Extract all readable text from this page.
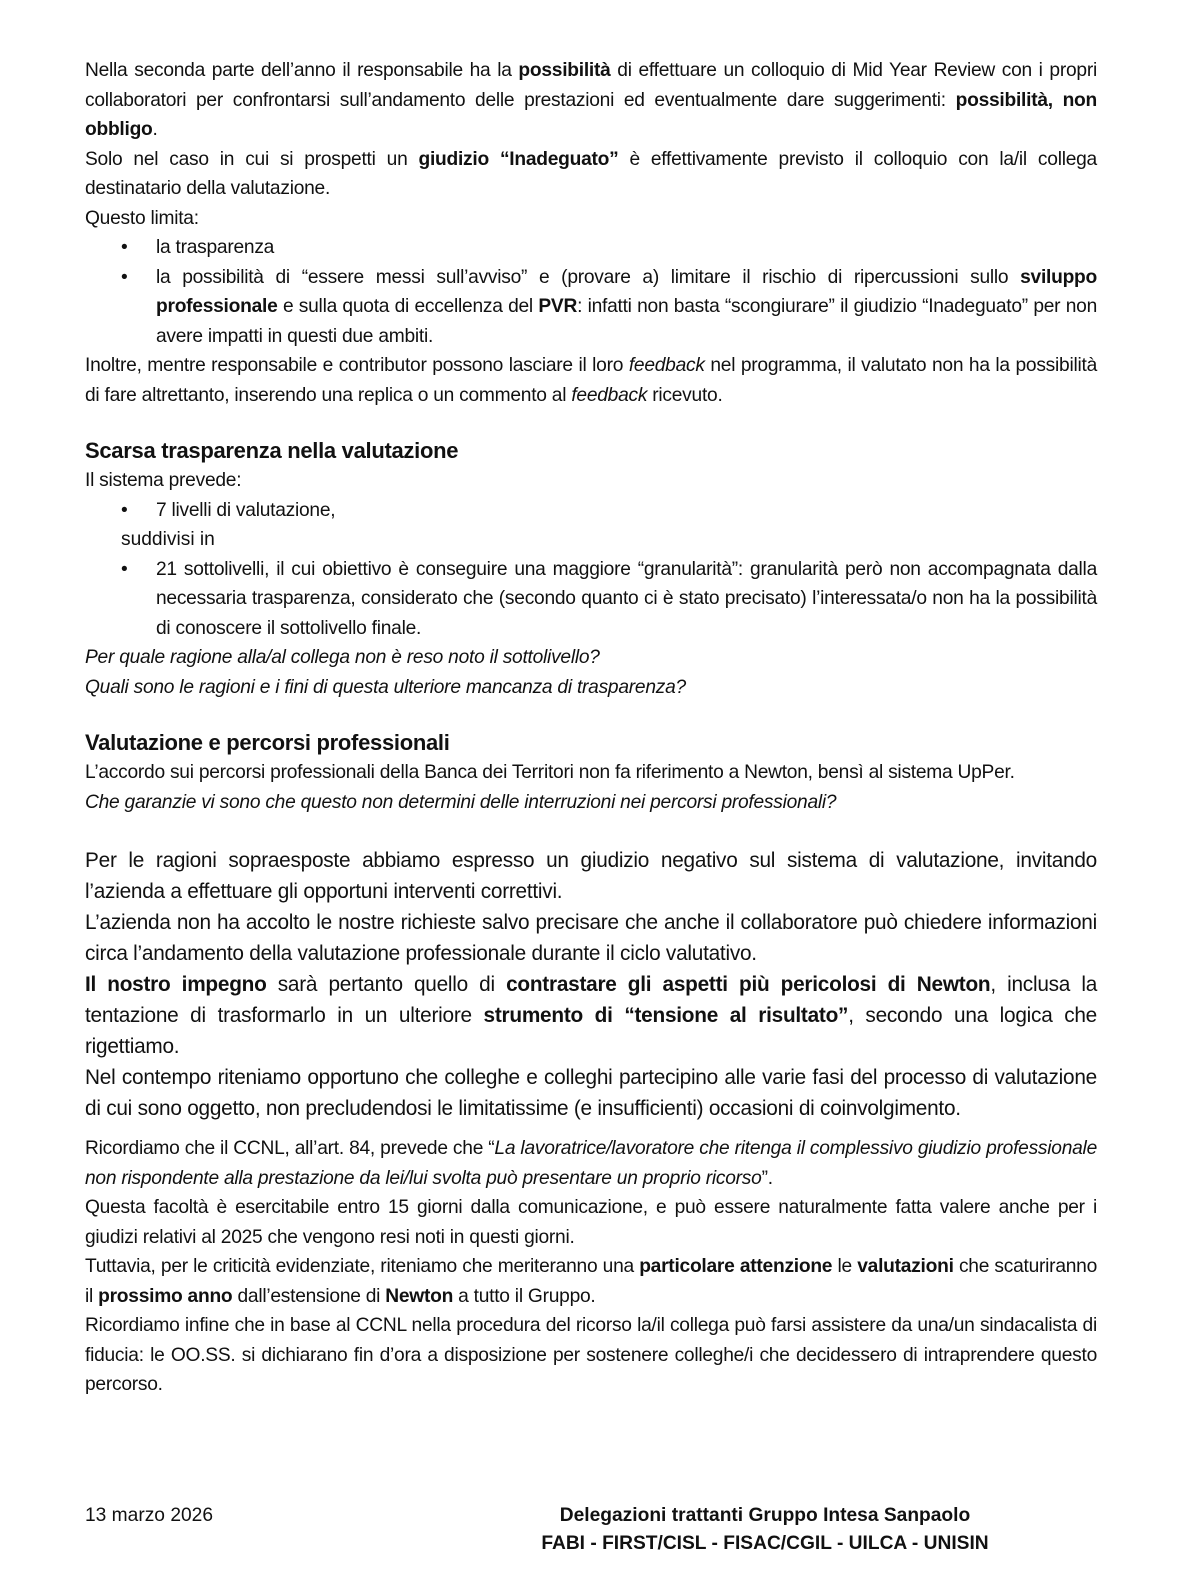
Nella seconda parte dell’anno il responsabile ha la possibilità di effettuare un colloquio di Mid Year Review con i propri collaboratori per confrontarsi sull’andamento delle prestazioni ed eventualmente dare suggerimenti: possibilità, non obbligo.

Solo nel caso in cui si prospetti un giudizio “Inadeguato” è effettivamente previsto il colloquio con la/il collega destinatario della valutazione.

Questo limita:

• la trasparenza
• la possibilità di “essere messi sull’avviso” e (provare a) limitare il rischio di ripercussioni sullo sviluppo professionale e sulla quota di eccellenza del PVR: infatti non basta “scongiurare” il giudizio “Inadeguato” per non avere impatti in questi due ambiti.

Inoltre, mentre responsabile e contributor possono lasciare il loro feedback nel programma, il valutato non ha la possibilità di fare altrettanto, inserendo una replica o un commento al feedback ricevuto.

Scarsa trasparenza nella valutazione

Il sistema prevede:

• 7 livelli di valutazione,
suddivisi in
• 21 sottolivelli, il cui obiettivo è conseguire una maggiore “granularità”: granularità però non accompagnata dalla necessaria trasparenza, considerato che (secondo quanto ci è stato precisato) l’interessata/o non ha la possibilità di conoscere il sottolivello finale.

Per quale ragione alla/al collega non è reso noto il sottolivello?

Quali sono le ragioni e i fini di questa ulteriore mancanza di trasparenza?

Valutazione e percorsi professionali

L’accordo sui percorsi professionali della Banca dei Territori non fa riferimento a Newton, bensì al sistema UpPer.

Che garanzie vi sono che questo non determini delle interruzioni nei percorsi professionali?

Per le ragioni sopraesposte abbiamo espresso un giudizio negativo sul sistema di valutazione, invitando l’azienda a effettuare gli opportuni interventi correttivi.

L’azienda non ha accolto le nostre richieste salvo precisare che anche il collaboratore può chiedere informazioni circa l’andamento della valutazione professionale durante il ciclo valutativo.

Il nostro impegno sarà pertanto quello di contrastare gli aspetti più pericolosi di Newton, inclusa la tentazione di trasformarlo in un ulteriore strumento di “tensione al risultato”, secondo una logica che rigettiamo.

Nel contempo riteniamo opportuno che colleghe e colleghi partecipino alle varie fasi del processo di valutazione di cui sono oggetto, non precludendosi le limitatissime (e insufficienti) occasioni di coinvolgimento.

Ricordiamo che il CCNL, all’art. 84, prevede che “La lavoratrice/lavoratore che ritenga il complessivo giudizio professionale non rispondente alla prestazione da lei/lui svolta può presentare un proprio ricorso”.

Questa facoltà è esercitabile entro 15 giorni dalla comunicazione, e può essere naturalmente fatta valere anche per i giudizi relativi al 2025 che vengono resi noti in questi giorni.

Tuttavia, per le criticità evidenziate, riteniamo che meriteranno una particolare attenzione le valutazioni che scaturiranno il prossimo anno dall’estensione di Newton a tutto il Gruppo.

Ricordiamo infine che in base al CCNL nella procedura del ricorso la/il collega può farsi assistere da una/un sindacalista di fiducia: le OO.SS. si dichiarano fin d’ora a disposizione per sostenere colleghe/i che decidessero di intraprendere questo percorso.

13 marzo 2026	Delegazioni trattanti Gruppo Intesa Sanpaolo
FABI - FIRST/CISL - FISAC/CGIL - UILCA - UNISIN
